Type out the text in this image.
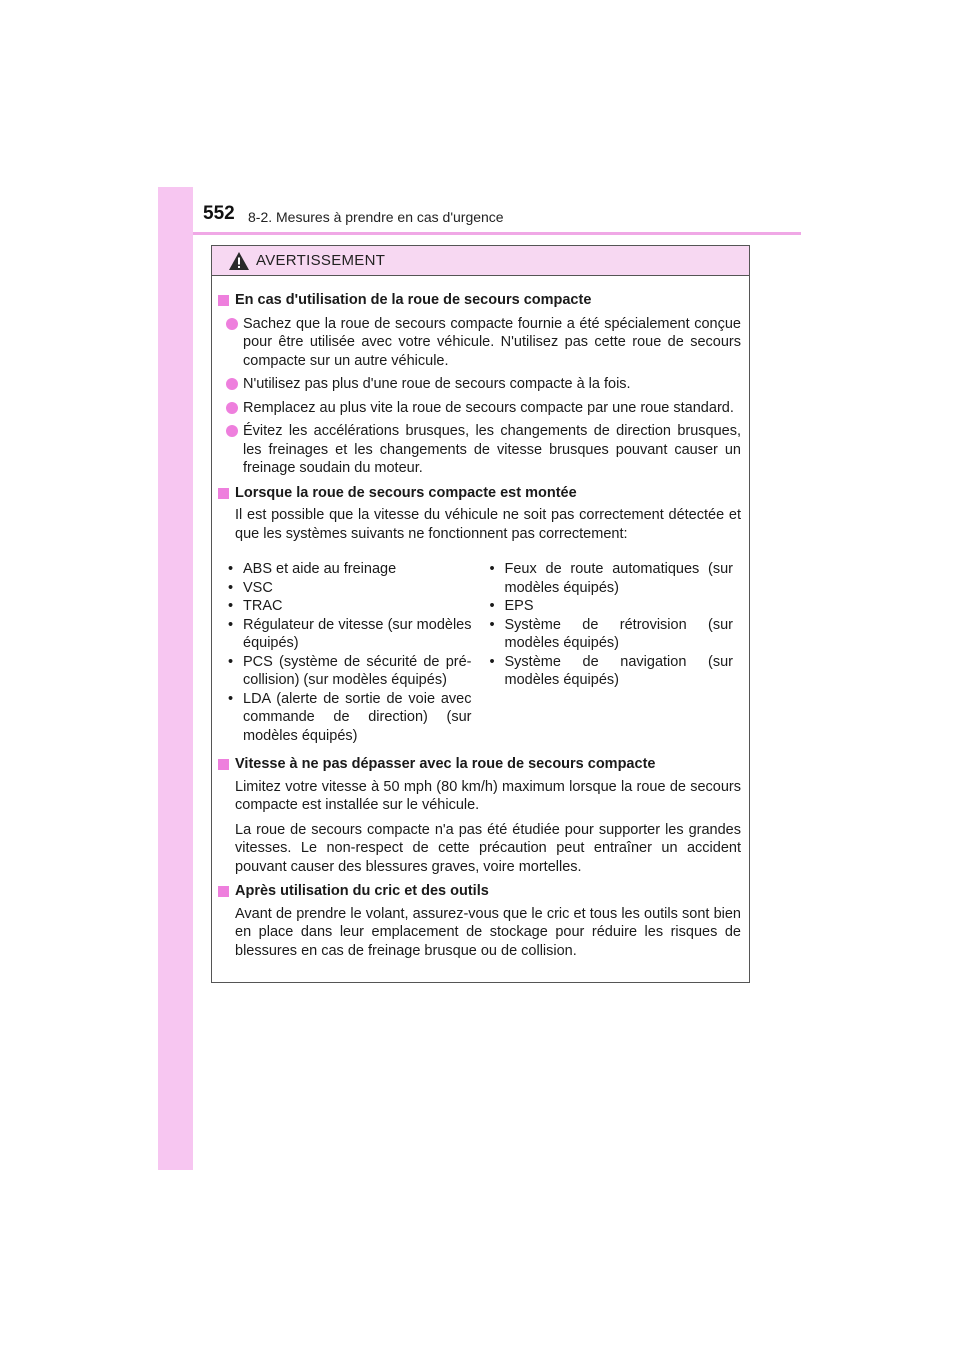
552 8-2. Mesures à prendre en cas d'urgence
AVERTISSEMENT
En cas d'utilisation de la roue de secours compacte
Sachez que la roue de secours compacte fournie a été spécialement conçue pour être utilisée avec votre véhicule. N'utilisez pas cette roue de secours compacte sur un autre véhicule.
N'utilisez pas plus d'une roue de secours compacte à la fois.
Remplacez au plus vite la roue de secours compacte par une roue standard.
Évitez les accélérations brusques, les changements de direction brusques, les freinages et les changements de vitesse brusques pouvant causer un freinage soudain du moteur.
Lorsque la roue de secours compacte est montée
Il est possible que la vitesse du véhicule ne soit pas correctement détectée et que les systèmes suivants ne fonctionnent pas correctement:
• ABS et aide au freinage
• VSC
• TRAC
• Régulateur de vitesse (sur modèles équipés)
• PCS (système de sécurité de pré-collision) (sur modèles équipés)
• LDA (alerte de sortie de voie avec commande de direction) (sur modèles équipés)
• Feux de route automatiques (sur modèles équipés)
• EPS
• Système de rétrovision (sur modèles équipés)
• Système de navigation (sur modèles équipés)
Vitesse à ne pas dépasser avec la roue de secours compacte
Limitez votre vitesse à 50 mph (80 km/h) maximum lorsque la roue de secours compacte est installée sur le véhicule.
La roue de secours compacte n'a pas été étudiée pour supporter les grandes vitesses. Le non-respect de cette précaution peut entraîner un accident pouvant causer des blessures graves, voire mortelles.
Après utilisation du cric et des outils
Avant de prendre le volant, assurez-vous que le cric et tous les outils sont bien en place dans leur emplacement de stockage pour réduire les risques de blessures en cas de freinage brusque ou de collision.
